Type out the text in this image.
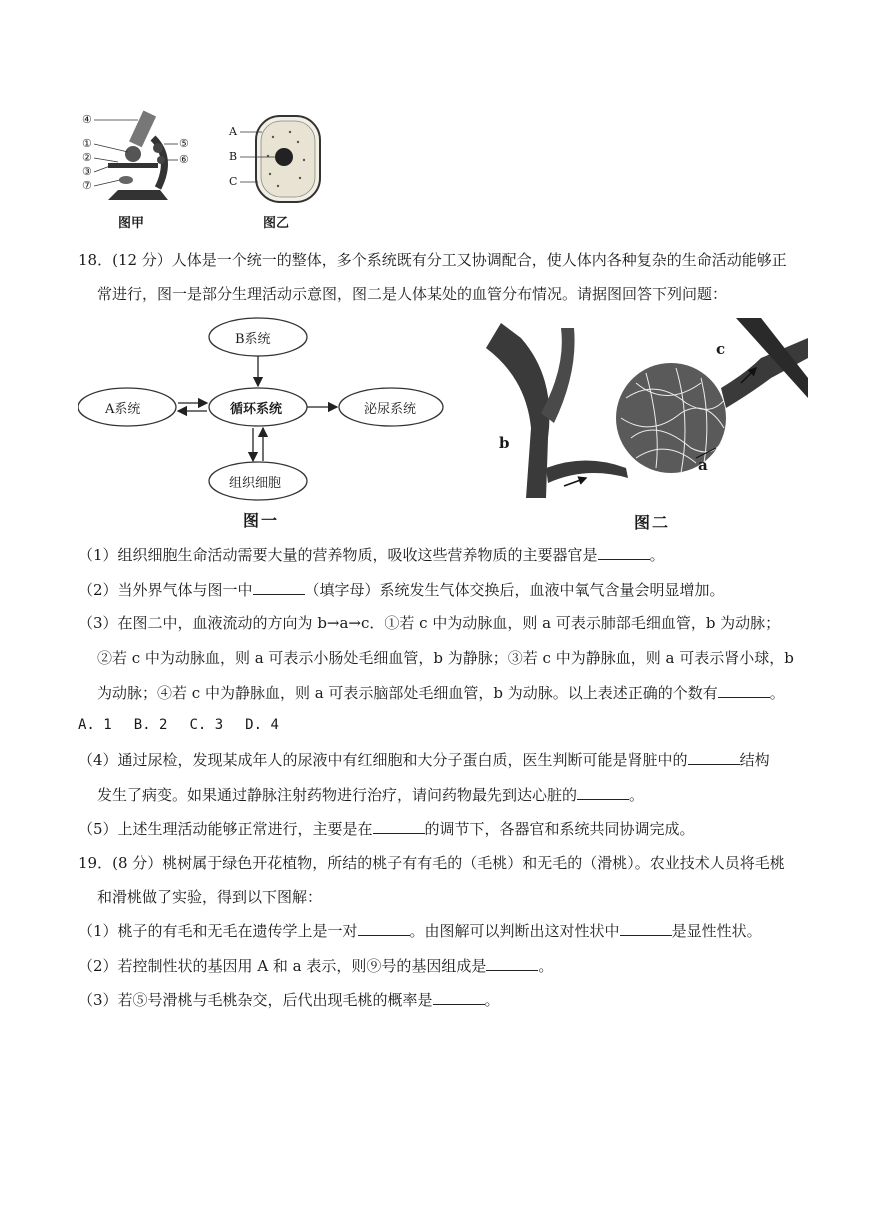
④
①
②
③
⑦
⑤
⑥
图甲
A
B
C
图乙
18．(12 分）人体是一个统一的整体，多个系统既有分工又协调配合，使人体内各种复杂的生命活动能够正
常进行，图一是部分生理活动示意图，图二是人体某处的血管分布情况。请据图回答下列问题：
B系统
A系统	循环系统	泌尿系统
组织细胞
图一
b
a
c
图二
（1）组织细胞生命活动需要大量的营养物质，吸收这些营养物质的主要器官是	。
（2）当外界气体与图一中	（填字母）系统发生气体交换后，血液中氧气含量会明显增加。
（3）在图二中，血液流动的方向为 b→a→c．①若 c 中为动脉血，则 a 可表示肺部毛细血管，b 为动脉；
②若 c 中为动脉血，则 a 可表示小肠处毛细血管，b 为静脉；③若 c 中为静脉血，则 a 可表示肾小球，b
为动脉；④若 c 中为静脉血，则 a 可表示脑部处毛细血管，b 为动脉。以上表述正确的个数有	。
A. 1 B. 2 C. 3 D. 4
（4）通过尿检，发现某成年人的尿液中有红细胞和大分子蛋白质，医生判断可能是肾脏中的	结构
发生了病变。如果通过静脉注射药物进行治疗，请问药物最先到达心脏的	。
（5）上述生理活动能够正常进行，主要是在	的调节下，各器官和系统共同协调完成。
19．(8 分）桃树属于绿色开花植物，所结的桃子有有毛的（毛桃）和无毛的（滑桃）。农业技术人员将毛桃
和滑桃做了实验，得到以下图解：
（1）桃子的有毛和无毛在遗传学上是一对	。由图解可以判断出这对性状中	是显性性状。
（2）若控制性状的基因用 A 和 a 表示，则⑨号的基因组成是	。
（3）若⑤号滑桃与毛桃杂交，后代出现毛桃的概率是	。
